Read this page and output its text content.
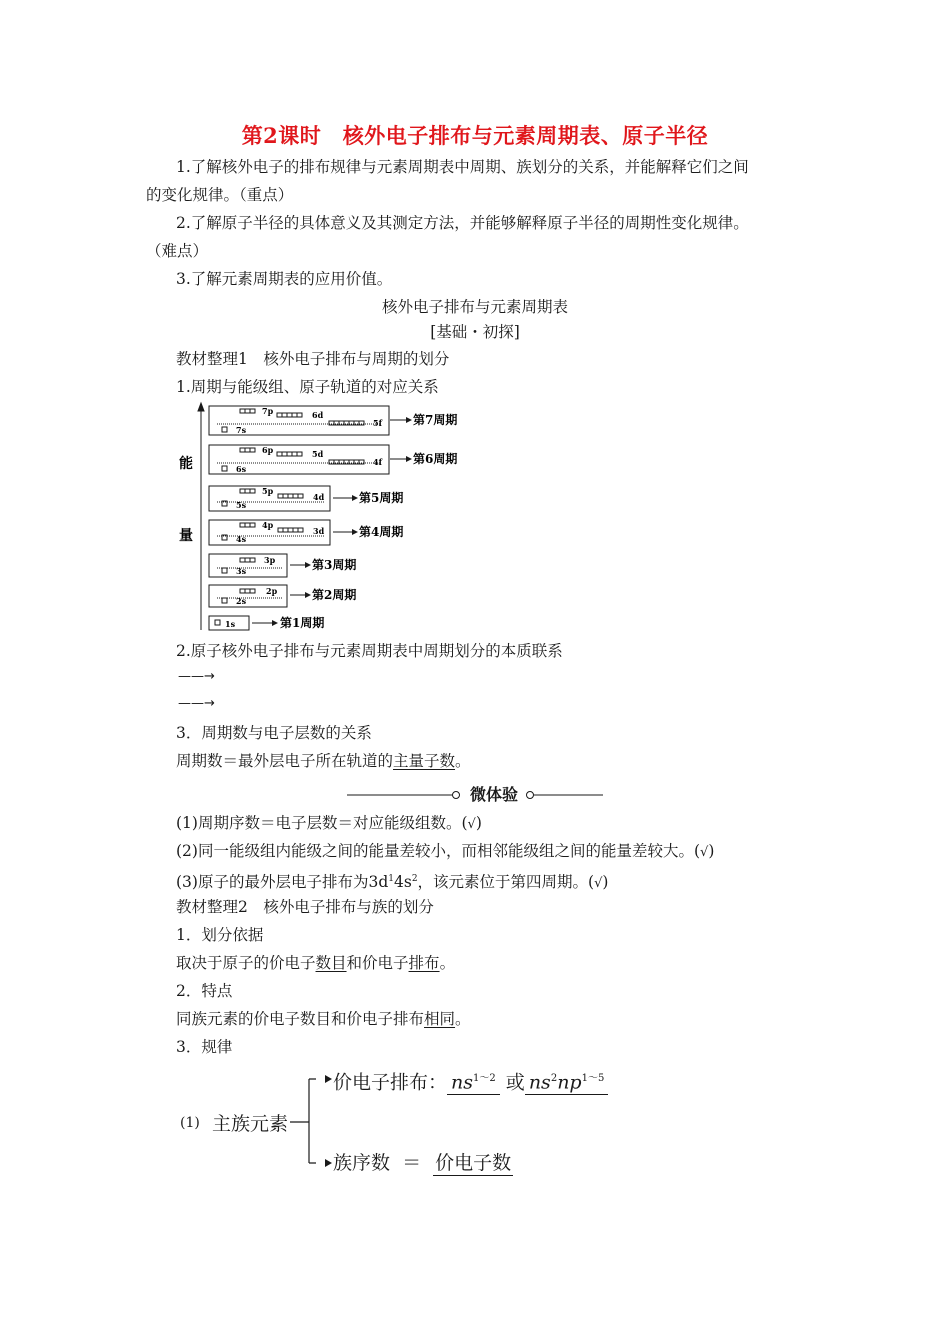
第2课时　核外电子排布与元素周期表、原子半径
1.了解核外电子的排布规律与元素周期表中周期、族划分的关系，并能解释它们之间
的变化规律。（重点）
2.了解原子半径的具体意义及其测定方法，并能够解释原子半径的周期性变化规律。
（难点）
3.了解元素周期表的应用价值。
核外电子排布与元素周期表
[基础・初探]
教材整理1　核外电子排布与周期的划分
1.周期与能级组、原子轨道的对应关系
能
量
7s
7p	6d
5f	第7周期
6s
6p	5d
4f	第6周期
5s
5p
4d	第5周期
4s
4p
3d	第4周期
3s
3p	第3周期
2s
2p	第2周期
1s	第1周期
2.原子核外电子排布与元素周期表中周期划分的本质联系
——→
——→
3．周期数与电子层数的关系
周期数＝最外层电子所在轨道的主量子数。
微体验
(1)周期序数＝电子层数＝对应能级组数。(√)
(2)同一能级组内能级之间的能量差较小，而相邻能级组之间的能量差较大。(√)
(3)原子的最外层电子排布为$3d^14s^2$，该元素位于第四周期。(√)
教材整理2　核外电子排布与族的划分
1．划分依据
取决于原子的价电子数目和价电子排布。
2．特点
同族元素的价电子数目和价电子排布相同。
3．规律
(1) 主族元素
价电子排布： $ns^{1\sim 2}$ 或 $ns^2np^{1\sim 5}$
族序数 ＝ 价电子数
